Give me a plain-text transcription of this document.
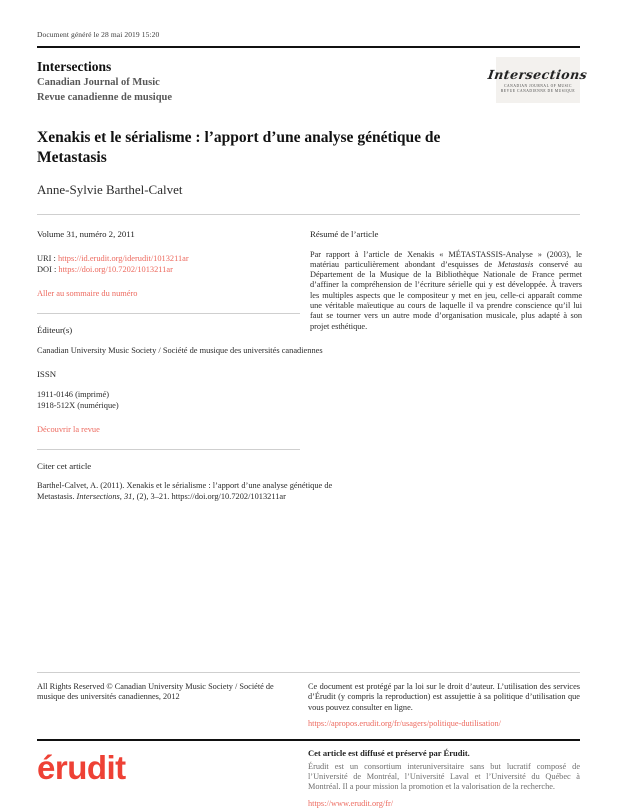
Document généré le 28 mai 2019 15:20
Intersections
Canadian Journal of Music
Revue canadienne de musique
Intersections
CANADIAN JOURNAL OF MUSIC
REVUE CANADIENNE DE MUSIQUE
Xenakis et le sérialisme : l’apport d’une analyse génétique de Metastasis
Anne-Sylvie Barthel-Calvet
Volume 31, numéro 2, 2011
URI : https://id.erudit.org/iderudit/1013211ar
DOI : https://doi.org/10.7202/1013211ar
Aller au sommaire du numéro
Éditeur(s)
Canadian University Music Society / Société de musique des universités canadiennes
ISSN
1911-0146 (imprimé)
1918-512X (numérique)
Découvrir la revue
Citer cet article
Barthel-Calvet, A. (2011). Xenakis et le sérialisme : l’apport d’une analyse génétique de Metastasis. Intersections, 31, (2), 3–21. https://doi.org/10.7202/1013211ar
Résumé de l’article
Par rapport à l’article de Xenakis « MÉTASTASSIS-Analyse » (2003), le matériau particulièrement abondant d’esquisses de Metastasis conservé au Département de la Musique de la Bibliothèque Nationale de France permet d’affiner la compréhension de l’écriture sérielle qui y est développée. À travers les multiples aspects que le compositeur y met en jeu, celle-ci apparaît comme une véritable maïeutique au cours de laquelle il va prendre conscience qu’il lui faut se tourner vers un autre mode d’organisation musicale, plus adapté à son projet esthétique.
All Rights Reserved © Canadian University Music Society / Société de musique des universités canadiennes, 2012
Ce document est protégé par la loi sur le droit d’auteur. L’utilisation des services d’Érudit (y compris la reproduction) est assujettie à sa politique d’utilisation que vous pouvez consulter en ligne.
https://apropos.erudit.org/fr/usagers/politique-dutilisation/
érudit	Cet article est diffusé et préservé par Érudit.
Érudit est un consortium interuniversitaire sans but lucratif composé de l’Université de Montréal, l’Université Laval et l’Université du Québec à Montréal. Il a pour mission la promotion et la valorisation de la recherche.
https://www.erudit.org/fr/
